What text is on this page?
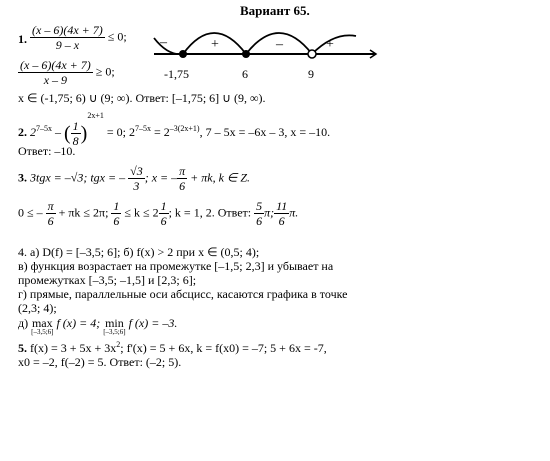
Вариант 65.
1. $\frac{(x - 6)(4x + 7)}{9 - x} \le 0$;
$\frac{(x - 6)(4x + 7)}{x - 9} \ge 0$;
–	+	–	+
-1,75	6	9
x ∈ (-1,75; 6) ∪ (9; ∞). Ответ: [–1,75; 6] ∪ (9, ∞).
2. $2^{7-5x}$ – ( $\frac{1}{8} )^{2x+1} = 0$; $2^{7-5x} = 2^{-3(2x+1)}$, 7 – 5x = –6x – 3, x = –10.
Ответ: –10.
3. 3tgx = –√3; tgx = – $\frac{√3}{3}$ ; x = – $\frac{\pi}{6} + \pi k$, k ∈ Z.
0 ≤ – $\frac{\pi}{6} + \pi k \le 2\pi$; $\frac{1}{6} \le k \le 2 \frac{1}{6}$ ; k = 1, 2. Ответ: $\frac{5}{6} \pi$; $\frac{11}{6} \pi$.
4. а) D(f) = [–3,5; 6]; б) f(x) > 2 при x ∈ (0,5; 4);
в) функция возрастает на промежутке [–1,5; 2,3] и убывает на
промежутках [–3,5; –1,5] и [2,3; 6];
г) прямые, параллельные оси абсцисс, касаются графика в точке
(2,3; 4);
д) max
[–3,5;6]
f (x) = 4; min
[–3,5;6]
f (x) = –3.
5. $f(x) = 3 + 5x + 3x^2$; f'(x) = 5 + 6x, k = f(x0) = –7; 5 + 6x = -7,
x0 = –2, f(–2) = 5. Ответ: (–2; 5).
